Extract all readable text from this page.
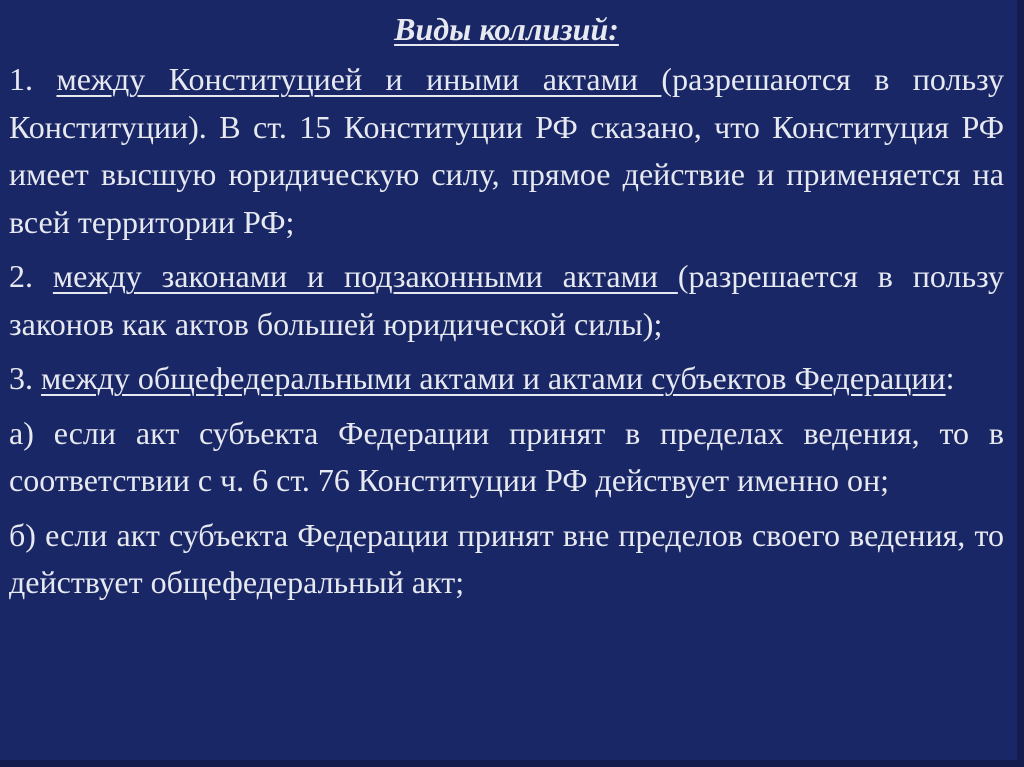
Виды коллизий:

1. между Конституцией и иными актами (разрешаются в пользу Конституции). В ст. 15 Конституции РФ сказано, что Конституция РФ имеет высшую юридическую силу, прямое действие и применяется на всей территории РФ;

2. между законами и подзаконными актами (разрешается в пользу законов как актов большей юридической силы);

3. между общефедеральными актами и актами субъектов Федерации:

а) если акт субъекта Федерации принят в пределах ведения, то в соответствии с ч. 6 ст. 76 Конституции РФ действует именно он;

б) если акт субъекта Федерации принят вне пределов своего ведения, то действует общефедеральный акт;
